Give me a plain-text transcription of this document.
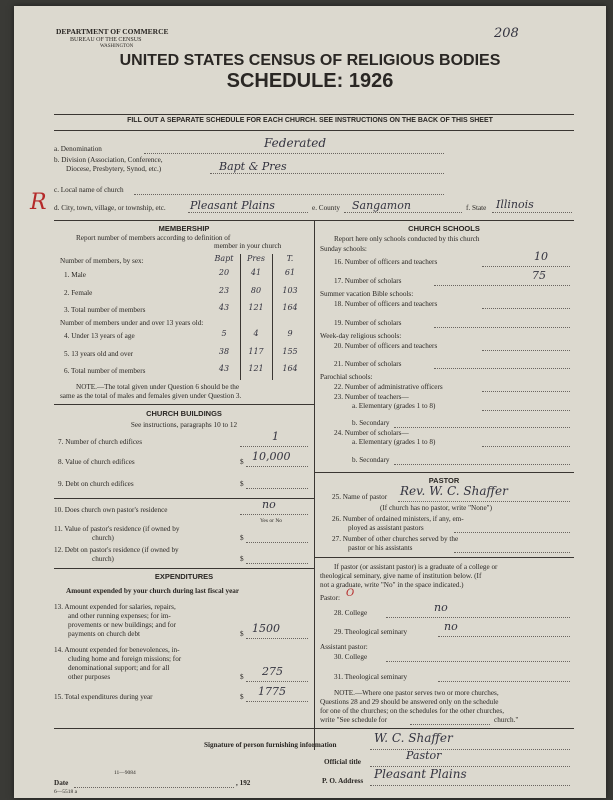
208
DEPARTMENT OF COMMERCE
BUREAU OF THE CENSUS
WASHINGTON
UNITED STATES CENSUS OF RELIGIOUS BODIES
SCHEDULE: 1926
FILL OUT A SEPARATE SCHEDULE FOR EACH CHURCH. SEE INSTRUCTIONS ON THE BACK OF THIS SHEET
a. Denomination	Federated
b. Division (Association, Conference,
Diocese, Presbytery, Synod, etc.)	Bapt & Pres
c. Local name of church
R d. City, town, village, or township, etc. Pleasant Plains	e. County Sangamon	f. State Illinois
MEMBERSHIP
Report number of members according to definition of
member in your church
Number of members, by sex:	Bapt	Pres	T.
1. Male	20	41	61
2. Female	23	80	103
3. Total number of members	43	121	164
Number of members under and over 13 years old:
4. Under 13 years of age	5	4	9
5. 13 years old and over	38	117	155
6. Total number of members	43	121	164
NOTE.—The total given under Question 6 should be the
same as the total of males and females given under Question 3.
CHURCH BUILDINGS
See instructions, paragraphs 10 to 12
7. Number of church edifices	1
8. Value of church edifices	$ 10,000
9. Debt on church edifices	$
10. Does church own pastor's residence	no
Yes or No
11. Value of pastor's residence (if owned by
church)	$
12. Debt on pastor's residence (if owned by
church)	$
EXPENDITURES
Amount expended by your church during last fiscal year
13. Amount expended for salaries, repairs,
and other running expenses; for im-
provements or new buildings; and for
payments on church debt	$ 1500
14. Amount expended for benevolences, in-
cluding home and foreign missions; for
denominational support; and for all
other purposes	$ 275
15. Total expenditures during year	$ 1775
CHURCH SCHOOLS
Report here only schools conducted by this church
Sunday schools:
16. Number of officers and teachers	10
17. Number of scholars	75
Summer vacation Bible schools:
18. Number of officers and teachers
19. Number of scholars
Week-day religious schools:
20. Number of officers and teachers
21. Number of scholars
Parochial schools:
22. Number of administrative officers
23. Number of teachers—
a. Elementary (grades 1 to 8)
b. Secondary
24. Number of scholars—
a. Elementary (grades 1 to 8)
b. Secondary
PASTOR
25. Name of pastor Rev. W. C. Shaffer
(If church has no pastor, write "None")
26. Number of ordained ministers, if any, em-
ployed as assistant pastors
27. Number of other churches served by the
pastor or his assistants
If pastor (or assistant pastor) is a graduate of a college or
theological seminary, give name of institution below. (If
not a graduate, write "No" in the space indicated.)
Pastor: O
28. College	no
29. Theological seminary	no
Assistant pastor:
30. College
31. Theological seminary
NOTE.—Where one pastor serves two or more churches,
Questions 28 and 29 should be answered only on the schedule
for one of the churches; on the schedules for the other churches,
write "See schedule for	church."
Signature of person furnishing information	W. C. Shaffer
Official title	Pastor
Date	, 192	P. O. Address Pleasant Plains
6—5518 a
11—9084
